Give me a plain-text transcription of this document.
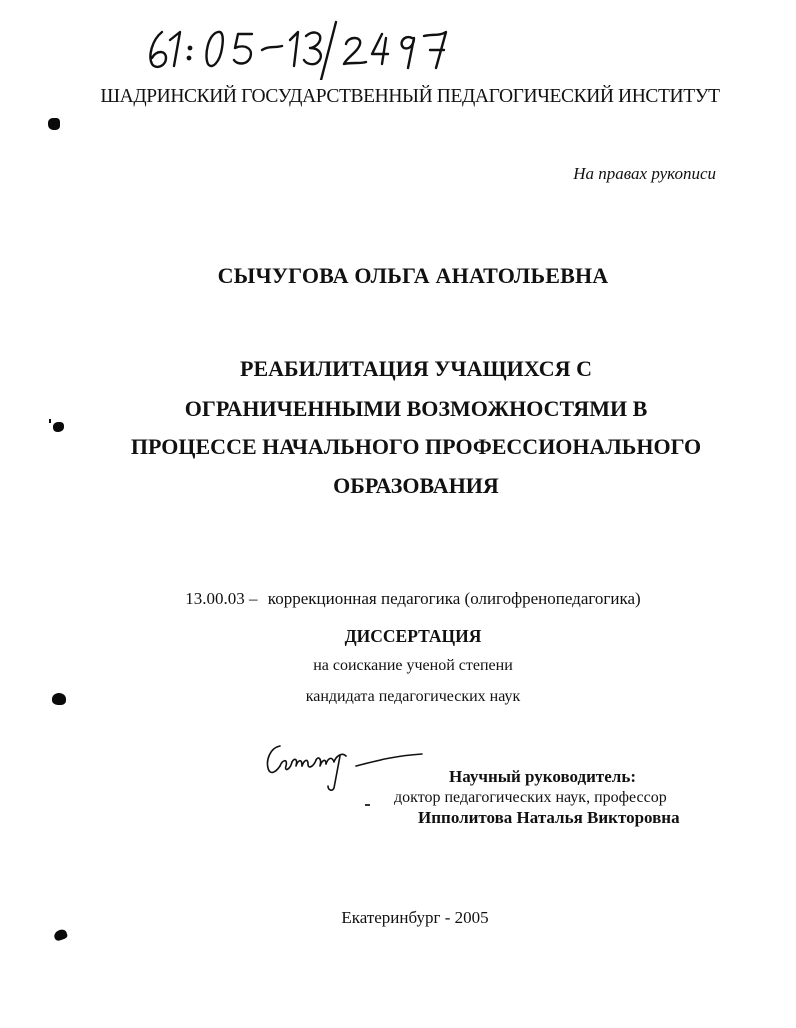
ШАДРИНСКИЙ ГОСУДАРСТВЕННЫЙ ПЕДАГОГИЧЕСКИЙ ИНСТИТУТ
На правах рукописи
СЫЧУГОВА ОЛЬГА АНАТОЛЬЕВНА
РЕАБИЛИТАЦИЯ УЧАЩИХСЯ С
ОГРАНИЧЕННЫМИ ВОЗМОЖНОСТЯМИ В
ПРОЦЕССЕ НАЧАЛЬНОГО ПРОФЕССИОНАЛЬНОГО
ОБРАЗОВАНИЯ
13.00.03 – коррекционная педагогика (олигофренопедагогика)
ДИССЕРТАЦИЯ
на соискание ученой степени
кандидата педагогических наук
Научный руководитель:
доктор педагогических наук, профессор
Ипполитова Наталья Викторовна
Екатеринбург - 2005
